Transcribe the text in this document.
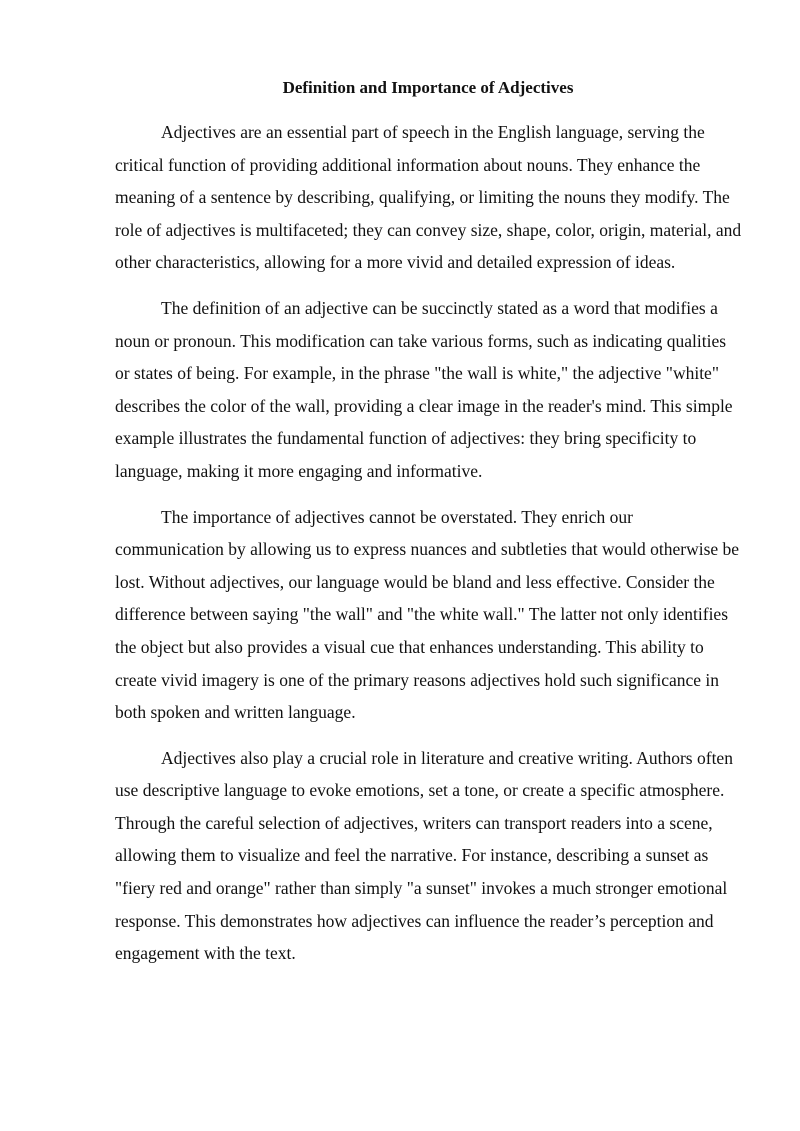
Definition and Importance of Adjectives

Adjectives are an essential part of speech in the English language, serving the critical function of providing additional information about nouns. They enhance the meaning of a sentence by describing, qualifying, or limiting the nouns they modify. The role of adjectives is multifaceted; they can convey size, shape, color, origin, material, and other characteristics, allowing for a more vivid and detailed expression of ideas.

The definition of an adjective can be succinctly stated as a word that modifies a noun or pronoun. This modification can take various forms, such as indicating qualities or states of being. For example, in the phrase "the wall is white," the adjective "white" describes the color of the wall, providing a clear image in the reader's mind. This simple example illustrates the fundamental function of adjectives: they bring specificity to language, making it more engaging and informative.

The importance of adjectives cannot be overstated. They enrich our communication by allowing us to express nuances and subtleties that would otherwise be lost. Without adjectives, our language would be bland and less effective. Consider the difference between saying "the wall" and "the white wall." The latter not only identifies the object but also provides a visual cue that enhances understanding. This ability to create vivid imagery is one of the primary reasons adjectives hold such significance in both spoken and written language.

Adjectives also play a crucial role in literature and creative writing. Authors often use descriptive language to evoke emotions, set a tone, or create a specific atmosphere. Through the careful selection of adjectives, writers can transport readers into a scene, allowing them to visualize and feel the narrative. For instance, describing a sunset as "fiery red and orange" rather than simply "a sunset" invokes a much stronger emotional response. This demonstrates how adjectives can influence the reader’s perception and engagement with the text.
